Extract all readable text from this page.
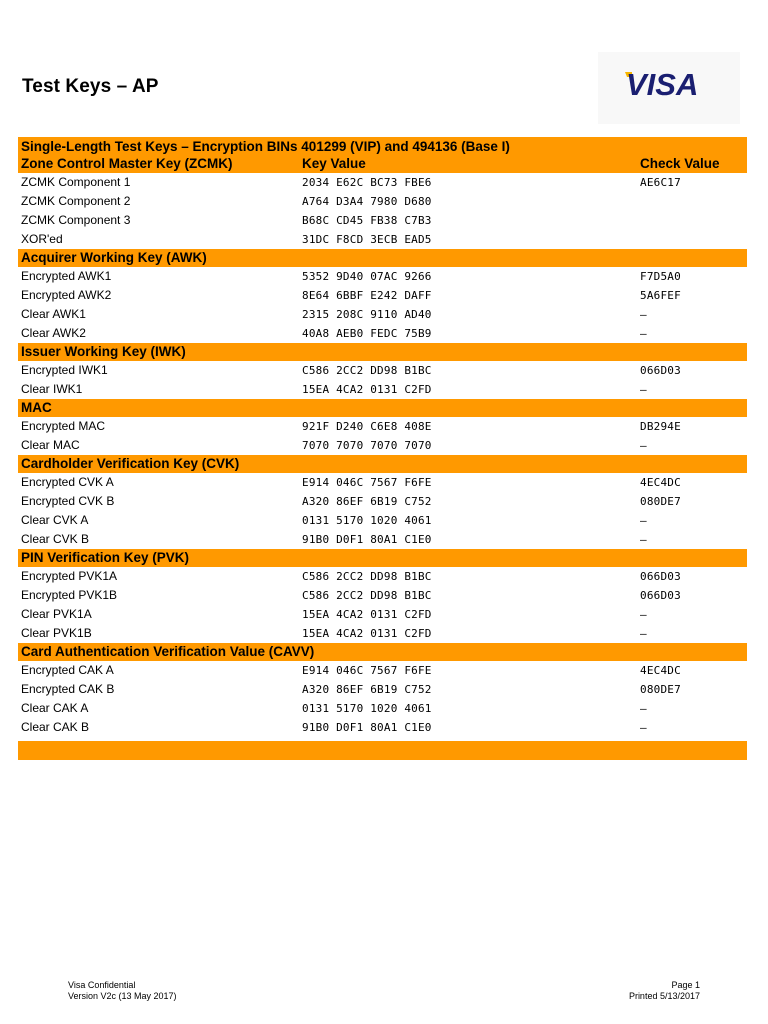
Test Keys – AP	VISA
Single-Length Test Keys – Encryption BINs 401299 (VIP) and 494136 (Base I)
Zone Control Master Key (ZCMK)	Key Value	Check Value
ZCMK Component 1	2034 E62C BC73 FBE6	AE6C17
ZCMK Component 2	A764 D3A4 7980 D680
ZCMK Component 3	B68C CD45 FB38 C7B3
XOR'ed	31DC F8CD 3ECB EAD5
Acquirer Working Key (AWK)
Encrypted AWK1	5352 9D40 07AC 9266	F7D5A0
Encrypted AWK2	8E64 6BBF E242 DAFF	5A6FEF
Clear AWK1	2315 208C 9110 AD40	–
Clear AWK2	40A8 AEB0 FEDC 75B9	–
Issuer Working Key (IWK)
Encrypted IWK1	C586 2CC2 DD98 B1BC	066D03
Clear IWK1	15EA 4CA2 0131 C2FD	–
MAC
Encrypted MAC	921F D240 C6E8 408E	DB294E
Clear MAC	7070 7070 7070 7070	–
Cardholder Verification Key (CVK)
Encrypted CVK A	E914 046C 7567 F6FE	4EC4DC
Encrypted CVK B	A320 86EF 6B19 C752	080DE7
Clear CVK A	0131 5170 1020 4061	–
Clear CVK B	91B0 D0F1 80A1 C1E0	–
PIN Verification Key (PVK)
Encrypted PVK1A	C586 2CC2 DD98 B1BC	066D03
Encrypted PVK1B	C586 2CC2 DD98 B1BC	066D03
Clear PVK1A	15EA 4CA2 0131 C2FD	–
Clear PVK1B	15EA 4CA2 0131 C2FD	–
Card Authentication Verification Value (CAVV)
Encrypted CAK A	E914 046C 7567 F6FE	4EC4DC
Encrypted CAK B	A320 86EF 6B19 C752	080DE7
Clear CAK A	0131 5170 1020 4061	–
Clear CAK B	91B0 D0F1 80A1 C1E0	–
Visa Confidential
Version V2c (13 May 2017)
Page 1
Printed 5/13/2017
